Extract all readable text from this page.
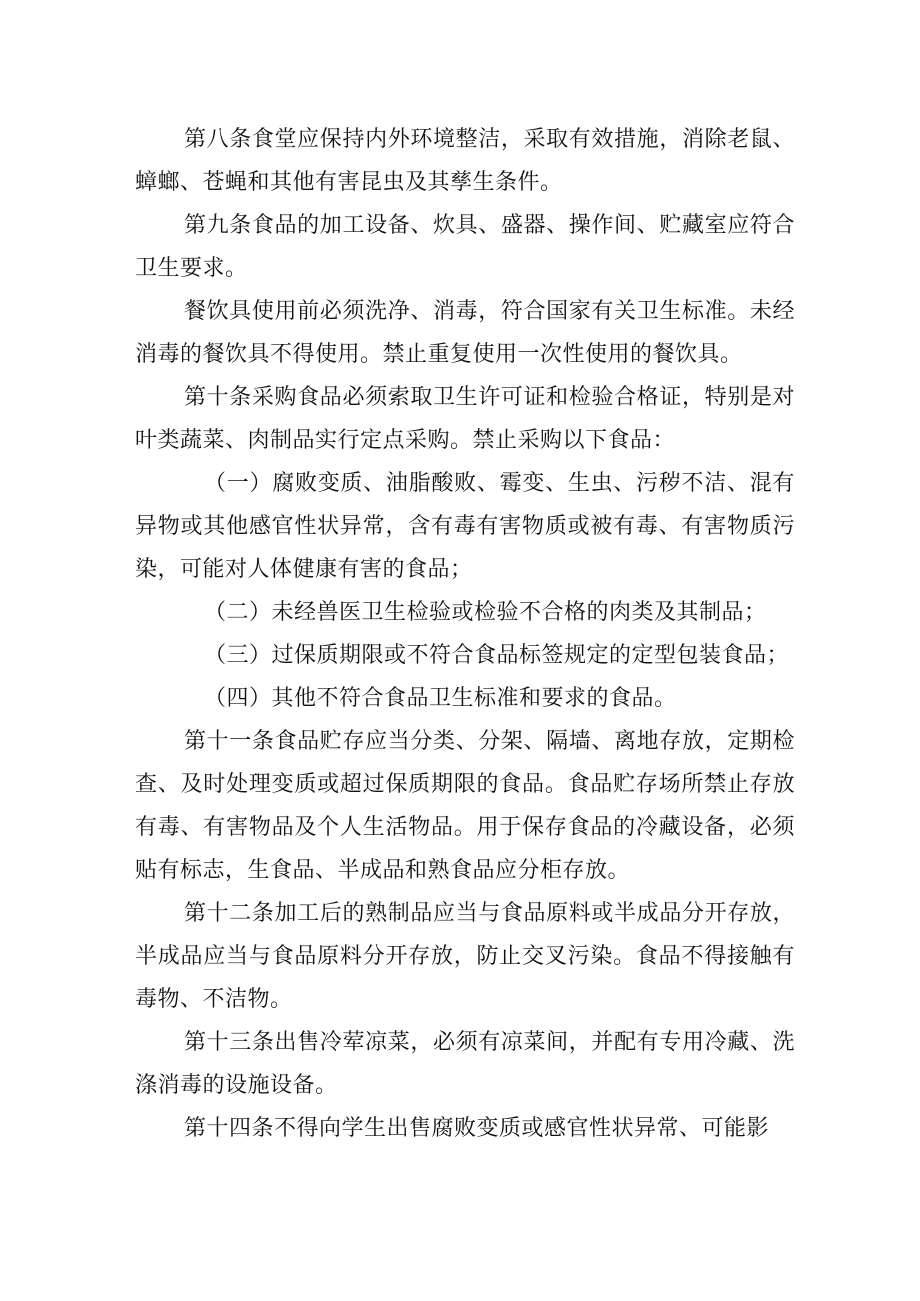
第八条食堂应保持内外环境整洁，采取有效措施，消除老鼠、蟑螂、苍蝇和其他有害昆虫及其孳生条件。

第九条食品的加工设备、炊具、盛器、操作间、贮藏室应符合卫生要求。

餐饮具使用前必须洗净、消毒，符合国家有关卫生标准。未经消毒的餐饮具不得使用。禁止重复使用一次性使用的餐饮具。

第十条采购食品必须索取卫生许可证和检验合格证，特别是对叶类蔬菜、肉制品实行定点采购。禁止采购以下食品：

（一）腐败变质、油脂酸败、霉变、生虫、污秽不洁、混有异物或其他感官性状异常，含有毒有害物质或被有毒、有害物质污染，可能对人体健康有害的食品；

（二）未经兽医卫生检验或检验不合格的肉类及其制品；

（三）过保质期限或不符合食品标签规定的定型包装食品；

（四）其他不符合食品卫生标准和要求的食品。

第十一条食品贮存应当分类、分架、隔墙、离地存放，定期检查、及时处理变质或超过保质期限的食品。食品贮存场所禁止存放有毒、有害物品及个人生活物品。用于保存食品的冷藏设备，必须贴有标志，生食品、半成品和熟食品应分柜存放。

第十二条加工后的熟制品应当与食品原料或半成品分开存放，半成品应当与食品原料分开存放，防止交叉污染。食品不得接触有毒物、不洁物。

第十三条出售冷荤凉菜，必须有凉菜间，并配有专用冷藏、洗涤消毒的设施设备。

第十四条不得向学生出售腐败变质或感官性状异常、可能影
